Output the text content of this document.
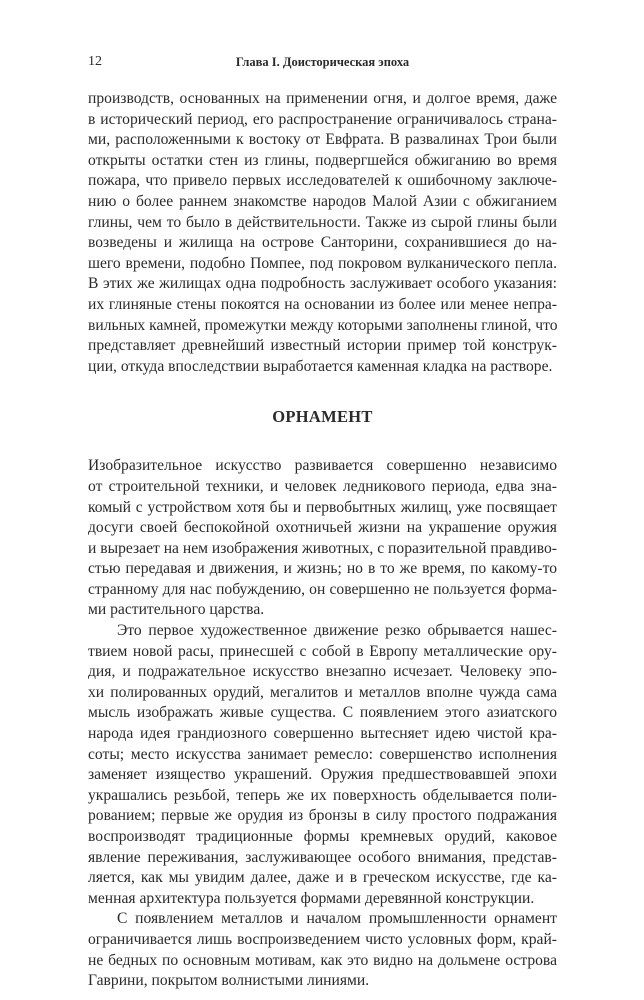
12	Глава I. Доисторическая эпоха
производств, основанных на применении огня, и долгое время, даже
в исторический период, его распространение ограничивалось страна-
ми, расположенными к востоку от Евфрата. В развалинах Трои были
открыты остатки стен из глины, подвергшейся обжиганию во время
пожара, что привело первых исследователей к ошибочному заключе-
нию о более раннем знакомстве народов Малой Азии с обжиганием
глины, чем то было в действительности. Также из сырой глины были
возведены и жилища на острове Санторини, сохранившиеся до на-
шего времени, подобно Помпее, под покровом вулканического пепла.
В этих же жилищах одна подробность заслуживает особого указания:
их глиняные стены покоятся на основании из более или менее непра-
вильных камней, промежутки между которыми заполнены глиной, что
представляет древнейший известный истории пример той конструк-
ции, откуда впоследствии выработается каменная кладка на растворе.
ОРНАМЕНТ
Изобразительное искусство развивается совершенно независимо
от строительной техники, и человек ледникового периода, едва зна-
комый с устройством хотя бы и первобытных жилищ, уже посвящает
досуги своей беспокойной охотничьей жизни на украшение оружия
и вырезает на нем изображения животных, с поразительной правдиво-
стью передавая и движения, и жизнь; но в то же время, по какому-то
странному для нас побуждению, он совершенно не пользуется форма-
ми растительного царства.
Это первое художественное движение резко обрывается нашес-
твием новой расы, принесшей с собой в Европу металлические ору-
дия, и подражательное искусство внезапно исчезает. Человеку эпо-
хи полированных орудий, мегалитов и металлов вполне чужда сама
мысль изображать живые существа. С появлением этого азиатского
народа идея грандиозного совершенно вытесняет идею чистой кра-
соты; место искусства занимает ремесло: совершенство исполнения
заменяет изящество украшений. Оружия предшествовавшей эпохи
украшались резьбой, теперь же их поверхность обделывается поли-
рованием; первые же орудия из бронзы в силу простого подражания
воспроизводят традиционные формы кремневых орудий, каковое
явление переживания, заслуживающее особого внимания, представ-
ляется, как мы увидим далее, даже и в греческом искусстве, где ка-
менная архитектура пользуется формами деревянной конструкции.
С появлением металлов и началом промышленности орнамент
ограничивается лишь воспроизведением чисто условных форм, край-
не бедных по основным мотивам, как это видно на дольмене острова
Гаврини, покрытом волнистыми линиями.
